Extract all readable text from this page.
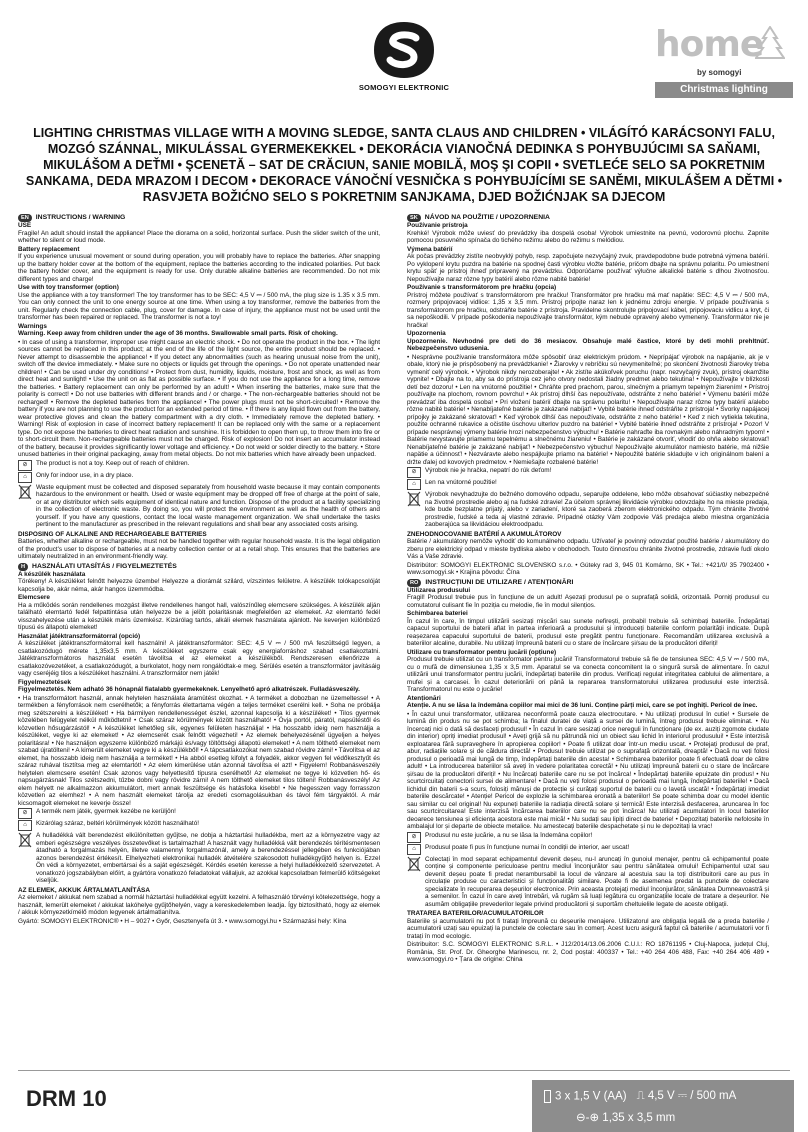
SOMOGYI ELEKTRONIC
home
by somogyi
Christmas lighting
LIGHTING CHRISTMAS VILLAGE WITH A MOVING SLEDGE, SANTA CLAUS AND CHILDREN • VILÁGÍTÓ KARÁCSONYI FALU, MOZGÓ SZÁNNAL, MIKULÁSSAL GYERMEKEKKEL • DEKORÁCIA VIANOČNÁ DEDINKA S POHYBUJÚCIMI SA SAŇAMI, MIKULÁŠOM A DEŤMI • ŞCENETĂ – SAT DE CRĂCIUN, SANIE MOBILĂ, MOŞ ŞI COPII • SVETLEĆE SELO SA POKRETNIM SANKAMA, DEDA MRAZOM I DECOM • DEKORACE VÁNOČNÍ VESNIČKA S POHYBUJÍCÍMI SE SANĚMI, MIKULÁŠEM A DĚTMI • RASVJETA BOŽIĆNO SELO S POKRETNIM SANJKAMA, DJED BOŽIĆNJAK SA DJECOM
EN	INSTRUCTIONS / WARNING
USE

Fragile! An adult should install the appliance! Place the diorama on a solid, horizontal surface. Push the slider switch of the unit, whether to silent or loud mode.

Battery replacement

If you experience unusual movement or sound during operation, you will probably have to replace the batteries. After snapping up the battery holder cover at the bottom of the equipment, replace the batteries according to the indicated polarities. Put back the battery holder cover, and the equipment is ready for use. Only durable alkaline batteries are recommended. Do not mix different types and charge!

Use with toy transformer (option)

Use the appliance with a toy transformer! The toy transformer has to be SEC: 4,5 V ⎓ / 500 mA, the plug size is 1.35 x 3.5 mm. You can only connect the unit to one energy source at one time. When using a toy transformer, remove the batteries from the unit. Regularly check the connection cable, plug, cover for damage. In case of injury, the appliance must not be used until the transformer has been repaired or replaced. The transformer is not a toy!

Warnings

Warning. Keep away from children under the age of 36 months. Swallowable small parts. Risk of choking.

• In case of using a transformer, improper use might cause an electric shock. • Do not operate the product in the box. • The light sources cannot be replaced in this product; at the end of the life of the light source, the entire product should be replaced. • Never attempt to disassemble the appliance! • If you detect any abnormalities (such as hearing unusual noise from the unit), switch off the device immediately. • Make sure no objects or liquids get through the openings. • Do not operate unattended near children! • Can be used under dry conditions! • Protect from dust, humidity, liquids, moisture, frost and shock, as well as from direct heat and sunlight! • Use the unit on as flat as possible surface. • If you do not use the appliance for a long time, remove the batteries. • Battery replacement can only be performed by an adult! • When inserting the batteries, make sure that the polarity is correct! • Do not use batteries with different brands and / or charge. • The non-rechargeable batteries should not be recharged! • Remove the depleted batteries from the appliance! • The power plugs must not be short-circuited! • Remove the battery if you are not planning to use the product for an extended period of time. • If there is any liquid flown out from the battery, wear protective gloves and clean the battery compartment with a dry cloth. • Immediately remove the depleted battery. • Warning! Risk of explosion in case of incorrect battery replacement! It can be replaced only with the same or a replacement type. Do not expose the batteries to direct heat radiation and sunshine. It is forbidden to open them up, to throw them into fire or to short-circuit them. Non-rechargeable batteries must not be charged. Risk of explosion! Do not insert an accumulator instead of the battery, because it provides significantly lower voltage and efficiency. • Do not weld or solder directly to the battery. • Store unused batteries in their original packaging, away from metal objects. Do not mix batteries which have already been unpacked.

⊘	The product is not a toy. Keep out of reach of children.
⌂	Only for indoor use, in a dry place.

Waste equipment must be collected and disposed separately from household waste because it may contain components hazardous to the environment or health. Used or waste equipment may be dropped off free of charge at the point of sale, or at any distributor which sells equipment of identical nature and function. Dispose of the product at a facility specializing in the collection of electronic waste. By doing so, you will protect the environment as well as the health of others and yourself. If you have any questions, contact the local waste management organization. We shall undertake the tasks pertinent to the manufacturer as prescribed in the relevant regulations and shall bear any associated costs arising.

DISPOSING OF ALKALINE AND RECHARGEABLE BATTERIES

Batteries, whether alkaline or rechargeable, must not be handled together with regular household waste. It is the legal obligation of the product's user to dispose of batteries at a nearby collection center or at a retail shop. This ensures that the batteries are ultimately neutralized in an environment-friendly way.

H	HASZNÁLATI UTASÍTÁS / FIGYELMEZTETÉS
A készülék használata

Törékeny! A készüléket felnőtt helyezze üzembe! Helyezze a diorámát szilárd, vízszintes felületre. A készülék tolókapcsolóját kapcsolja be, akár néma, akár hangos üzemmódba.

Elemcsere

Ha a működés során rendellenes mozgást illetve rendellenes hangot hall, valószínűleg elemcsere szükséges. A készülék alján található elemtartó fedél felpattintása után helyezze be a jelölt polaritásnak megfelelően az elemeket. Az elemtartó fedél visszahelyezése után a készülék máris üzemkész. Kizárólag tartós, alkáli elemek használata ajánlott. Ne keverjen különböző típusú és állapotú elemeket!

Használat játéktranszformátorral (opció)

A készüléket játéktranszformátorral kell használni! A játéktranszformátor: SEC: 4,5 V ⎓ / 500 mA feszültségű legyen, a csatlakozódugó mérete 1,35x3,5 mm. A készüléket egyszerre csak egy energiaforráshoz szabad csatlakoztatni. Játéktranszformátoros használat esetén távolítsa el az elemeket a készülékből. Rendszeresen ellenőrizze a csatlakozóvezetéket, a csatlakozódugót, a burkolatot, hogy nem rongálódtak-e meg. Sérülés esetén a transzformátor javításáig vagy cseréjéig tilos a készüléket használni. A transzformátor nem játék!

Figyelmeztetések

Figyelmeztetés. Nem adható 36 hónapnál fiatalabb gyermekeknek. Lenyelhető apró alkatrészek. Fulladásveszély.

• Ha transzformátort használ, annak helytelen használata áramütést okozhat. • A terméket a dobozban ne üzemeltesse! • A termékben a fényforrások nem cserélhetők; a fényforrás élettartama végén a teljes terméket cserélni kell. • Soha ne próbálja meg szétszerelni a készüléket! • Ha bármilyen rendellenességet észlel, azonnal kapcsolja ki a készüléket! • Tilos gyermek közelében felügyelet nélkül működtetni! • Csak száraz körülmények között használható! • Óvja portól, páratól, napsütéstől és közvetlen hősugárzástól! • A készüléket lehetőleg sík, egyenes felületen használja! • Ha hosszabb ideig nem használja a készüléket, vegye ki az elemeket! • Az elemcserét csak felnőtt végezheti! • Az elemek behelyezésénél ügyeljen a helyes polaritásra! • Ne használjon egyszerre különböző márkájú és/vagy töltöttségi állapotú elemeket! • A nem tölthető elemeket nem szabad újratölteni! • A kimerült elemeket vegye ki a készülékből! • A tápcsatlakozókat nem szabad rövidre zárni! • Távolítsa el az elemet, ha hosszabb ideig nem használja a terméket! • Ha abból esetleg kifolyt a folyadék, akkor vegyen fel védőkesztyűt és száraz ruhával tisztítsa meg az elemtartót! • Az elem kimerülése után azonnal távolítsa el azt! • Figyelem! Robbanásveszély helytelen elemcsere esetén! Csak azonos vagy helyettesítő típusra cserélhető! Az elemeket ne tegye ki közvetlen hő- és napsugárzásnak! Tilos szétszedni, tűzbe dobni vagy rövidre zárni! A nem tölthető elemeket tilos tölteni! Robbanásveszély! Az elem helyett ne alkalmazzon akkumulátort, mert annak feszültsége és hatásfoka kisebb! • Ne hegesszen vagy forrasszon közvetlen az elemhez! • A nem használt elemeket tárolja az eredeti csomagolásukban és távol fém tárgyaktól. A már kicsomagolt elemeket ne keverje össze!

⊘	A termék nem játék, gyermek kezébe ne kerüljön!
⌂	Kizárólag száraz, beltéri körülmények között használható!

A hulladékká vált berendezést elkülönítetten gyűjtse, ne dobja a háztartási hulladékba, mert az a környezetre vagy az emberi egészségre veszélyes összetevőket is tartalmazhat! A használt vagy hulladékká vált berendezés térítésmentesen átadható a forgalmazás helyén, illetve valamennyi forgalmazónál, amely a berendezéssel jellegében és funkciójában azonos berendezést értékesít. Elhelyezheti elektronikai hulladék átvételére szakosodott hulladékgyűjtő helyen is. Ezzel Ön védi a környezetet, embertársai és a saját egészségét. Kérdés esetén keresse a helyi hulladékkezelő szervezetet. A vonatkozó jogszabályban előírt, a gyártóra vonatkozó feladatokat vállaljuk, az azokkal kapcsolatban felmerülő költségeket viseljük.

AZ ELEMEK, AKKUK ÁRTALMATLANÍTÁSA

Az elemeket / akkukat nem szabad a normál háztartási hulladékkal együtt kezelni. A felhasználó törvényi kötelezettsége, hogy a használt, lemerült elemeket / akkukat lakóhelye gyűjtőhelyén, vagy a kereskedelemben leadja. Így biztosítható, hogy az elemek / akkuk környezetkímélő módon legyenek ártalmatlanítva.

Gyártó: SOMOGYI ELEKTRONIC® • H – 9027 • Győr, Gesztenyefa út 3. • www.somogyi.hu • Származási hely: Kína

SK	NÁVOD NA POUŽITIE / UPOZORNENIA
Používanie prístroja

Krehké! Výrobok môže uviesť do prevádzky iba dospelá osoba! Výrobok umiestnite na pevnú, vodorovnú plochu. Zapnite pomocou posuvného spínača do tichého režimu alebo do režimu s melódiou.

Výmena batérií

Ak počas prevádzky zistíte neobvyklý pohyb, resp. započujete nezvyčajný zvuk, pravdepodobne bude potrebná výmena batérií. Po vyklopení krytu puzdra na batérie na spodnej časti výrobku vložte batérie, pričom dbajte na správnu polaritu. Po umiestnení krytu späť je prístroj ihneď pripravený na prevádzku. Odporúčame používať výlučne alkalické batérie s dlhou životnosťou. Nepoužívajte naraz rôzne typy batérií alebo rôzne nabité batérie!

Používanie s transformátorom pre hračku (opcia)

Prístroj môžete používať s transformátorom pre hračku! Transformátor pre hračku má mať napätie: SEC: 4,5 V ⎓ / 500 mA, rozmery pripojovacej vidlice: 1,35 x 3,5 mm. Prístroj pripojte naraz len k jednému zdroju energie. V prípade používania s transformátorom pre hračku, odstráňte batérie z prístroja. Pravidelne skontrolujte pripojovací kábel, pripojovaciu vidlicu a kryt, či sa nepoškodili. V prípade poškodenia nepoužívajte transformátor, kým nebude opravený alebo vymenený. Transformátor nie je hračka!

Upozornenia

Upozornenie. Nevhodné pre deti do 36 mesiacov. Obsahuje malé častice, ktoré by deti mohli prehltnúť. Nebezpečenstvo udusenia.

• Nesprávne používanie transformátora môže spôsobiť úraz elektrickým prúdom. • Neprípájať výrobok na napájanie, ak je v obale, ktorý nie je prispôsobený na prevádzkanie! • Žiarovky v rebríčku sú nevymeniteľné; po skončení životnosti žiarovky treba vymeniť celý výrobok. • Výrobok nikdy nerozoberajte! • Ak zistíte akúkoľvek poruchu (napr. nezvyčajný zvuk), prístroj okamžite vypnite! • Dbajte na to, aby sa do prístroja cez jeho otvory nedostali žiadny predmet alebo tekutina! • Nepoužívajte v blízkosti detí bez dozoru! • Len na vnútorné použitie! • Chráňte pred prachom, parou, slnečným a priamym tepelným žiarením! • Prístroj používajte na plochom, rovnom povrchu! • Ak prístroj dlhší čas nepoužívate, odstráňte z neho batérie! • Výmenu batérií môže prevádzať iba dospelá osoba! • Pri vložení batérií dbajte na správnu polaritu! • Nepoužívajte naraz rôzne typy batérií a/alebo rôzne nabité batérie! • Nenabíjateľné batérie je zakázané nabíjať! • Vybité batérie ihneď odstráňte z prístroja! • Svorky napájacej prípojky je zakázané skratovať! • Keď výrobok dlhší čas nepoužívate, odstráňte z neho batérie! • Keď z nich vytiekla tekutina, použite ochranné rukavice a očistite úschovu ulterlov puzdro na batérie! • Vybité batérie ihneď odstráňte z prístroja! • Pozor! V prípade nesprávnej výmeny batérie hrozí nebezpečenstvo výbuchu! • Batérie nahraďte iba rovnakým alebo náhradným typom! • Batérie nevystavujte priamemu tepelnému a slnečnému žiareniu! • Batérie je zakázané otvoriť, vhodiť do ohňa alebo skratovať! Nenabíjateľné batérie je zakázané nabíjať! • Nebezpečenstvo výbuchu! Nepoužívajte akumulátor namiesto batérie, má nižšie napätie a účinnosť! • Nezváravte alebo nespájkujte priamo na batérie! • Nepoužité batérie skladujte v ich originálnom balení a držte ďalej od kovových predmetov. • Nemiešajte rozbalené batérie!

⊘	Výrobok nie je hračka, nepatrí do rúk deťom!
⌂	Len na vnútorné použitie!

Výrobok nevyhadzujte do bežného domového odpadu, separujte oddelene, lebo môže obsahovať súčiastky nebezpečné na životné prostredie alebo aj na ľudské zdravie! Za účelom správnej likvidácie výrobku odovzdajte ho na mieste predaja, kde bude bezplatne prijatý, alebo v zariadení, ktoré sa zaoberá zberom elektronického odpadu. Tým chránite životné prostredie, ľudské a teda aj vlastné zdravie. Prípadné otázky Vám zodpovie Váš predajca alebo miestna organizácia zaoberajúca sa likvidáciou elektroodpadu.

ZNEHODNOCOVANIE BATÉRIÍ A AKUMULÁTOROV

Batérie / akumulátory nemôže vyhodiť do komunálneho odpadu. Užívateľ je povinný odovzdať použité batérie / akumulátory do zberu pre elektrický odpad v mieste bydliska alebo v obchodoch. Touto činnosťou chránite životné prostredie, zdravie ľudí okolo Vás a Vaše zdravie.

Distribútor: SOMOGYI ELEKTRONIC SLOVENSKO s.r.o. • Gúteky rad 3, 945 01 Komárno, SK • Tel.: +421/0/ 35 7902400 • www.somogyi.sk • Krajina pôvodu: Čína

RO	INSTRUCȚIUNI DE UTILIZARE / ATENȚIONĂRI
Utilizarea produsului

Fragil! Produsul trebuie pus în funcțiune de un adult! Așezați produsul pe o suprafață solidă, orizontală. Porniți produsul cu comutatorul culisant fie în poziția cu melodie, fie în modul silențios.

Schimbarea bateriei

În cazul în care, în timpul utilizării sesizați mișcări sau sunete nefirești, probabil trebuie să schimbați bateriile. Îndepărtați capacul suportului de baterii aflat în partea inferioară a produsului și introduceți bateriile conform polarității indicate. După reașezarea capacului suportului de baterii, produsul este pregătit pentru funcționare. Recomandăm utilizarea exclusivă a bateriilor alcaline, durabile. Nu utilizați împreună baterii cu o stare de încărcare și/sau de la producători diferiți!

Utilizare cu transformator pentru jucării (opțiune)

Produsul trebuie utilizat cu un transformator pentru jucării! Transformatorul trebuie să fie de tensiunea SEC: 4,5 V ⎓ / 500 mA, cu o mufă de dimensiunea 1,35 x 3,5 mm. Aparatul se va conecta concomitent la o singură sursă de alimentare. În cazul utilizării unui transformator pentru jucării, îndepărtați bateriile din produs. Verificați regulat integritatea cablului de alimentare, a mufei și a carcasei. În cazul deteriorării ori până la repararea transformatorului utilizarea produsului este interzisă. Transformatorul nu este o jucărie!

Atenționări

Atenție. A nu se lăsa la îndemâna copiilor mai mici de 36 luni. Conține părți mici, care se pot înghiți. Pericol de înec.

• În cazul unui transformator, utilizarea neconformă poate cauza electrocutare. • Nu utilizați produsul în cutie! • Sursele de lumină din produs nu se pot schimba; la finalul duratei de viață a sursei de lumină, întreg produsul trebuie eliminat. • Nu încercați nici o dată să desfaceți produsul! • În cazul în care sesizați orice nereguli în funcționare (de ex. auziți zgomote ciudate din interior) opriți imediat produsul! • Aveți grijă să nu pătrundă nici un obiect sau lichid în interiorul produsului! • Este interzisă exploatarea fără supraveghere în apropierea copiilor! • Poate fi utilizat doar într-un mediu uscat. • Protejați produsul de praf, abur, radiațiile solare și de căldura directă! • Produsul trebuie utilizat pe o suprafață orizontală, dreaptă! • Dacă nu veți folosi produsul o perioadă mai lungă de timp, îndepărtați bateriile din acesta! • Schimbarea bateriilor poate fi efectuată doar de către adult! • La introducerea bateriilor să aveți în vedere polaritatea corectă! • Nu utilizați împreună baterii cu o stare de încărcare și/sau de la producători diferiți! • Nu încărcați bateriile care nu se pot încărca! • Îndepărtați bateriile epuizate din produs! • Nu scurtcircuitați conectorii sursei de alimentare! • Dacă nu veți folosi produsul o perioadă mai lungă, îndepărtați bateriile! • Dacă lichidul din baterii s-a scurs, folosiți mănuși de protecție și curățați suportul de baterii cu o lavetă uscată! • Îndepărtați imediat bateriile descărcate! • Atenție! Pericol de explozie la schimbarea eronată a bateriilor! Se poate schimba doar cu model identic sau similar cu cel original! Nu expuneți bateriile la radiația directă solare și termică! Este interzisă desfacerea, aruncarea în foc sau scurtcircuitarea! Este interzisă încărcarea bateriilor care nu se pot încărca! Nu utilizați acumulatori în locul bateriilor deoarece tensiunea și eficiența acestora este mai mică! • Nu sudați sau lipiți direct de baterie! • Depozitați bateriile nefolosite în ambalajul lor și departe de obiecte metalice. Nu amestecați bateriile despachetate și nu le depozitați la vrac!

⊘	Produsul nu este jucărie, a nu se lăsa la îndemâna copiilor!
⌂	Produsul poate fi pus în funcțiune numai în condiții de interior, aer uscat!

Colectați în mod separat echipamentul devenit deșeu, nu-l aruncați în gunoiul menajer, pentru că echipamentul poate conține și componente periculoase pentru mediul înconjurător sau pentru sănătatea omului! Echipamentul uzat sau devenit deșeu poate fi predat nerambursabil la locul de vânzare al acestuia sau la toți distribuitorii care au pus în circulație produse cu caracteristici și funcționalități similare. Poate fi de asemenea predat la punctele de colectare specializate în recuperarea deșeurilor electronice. Prin aceasta protejați mediul înconjurător, sănătatea Dumneavoastră și a semenilor. În cazul în care aveți întrebări, vă rugăm să luați legătura cu organizațiile locale de tratare a deșeurilor. Ne asumăm obligațiile prevederilor legale privind producătorii și suportăm cheltuielile legate de aceste obligații.

TRATAREA BATERIILOR/ACUMULATORILOR

Bateriile și acumulatorii nu pot fi tratați împreună cu deșeurile menajere. Utilizatorul are obligația legală de a preda bateriile / acumulatorii uzați sau epuizați la punctele de colectare sau în comerț. Acest lucru asigură faptul că bateriile / acumulatorii vor fi tratați în mod ecologic.

Distribuitor: S.C. SOMOGYI ELEKTRONIC S.R.L. • J12/2014/13.06.2006 C.U.I.: RO 18761195 • Cluj-Napoca, județul Cluj, România, Str. Prof. Dr. Gheorghe Marinescu, nr. 2, Cod poștal: 400337 • Tel.: +40 264 406 488, Fax: +40 264 406 489 • www.somogyi.ro • Țara de origine: China

DRM 10	3 x 1,5 V (AA) ⎍ 4,5 V ⎓ / 500 mA
⊖-⊕ 1,35 x 3,5 mm
